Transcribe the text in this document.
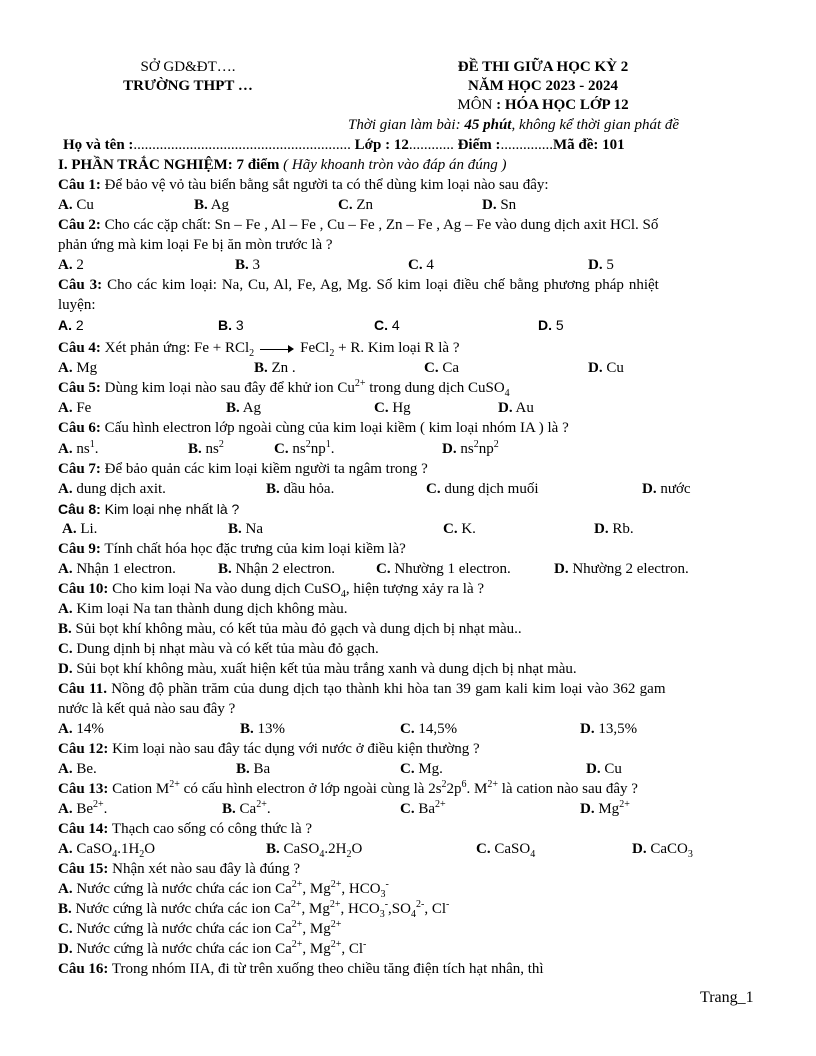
SỞ GD&ĐT….
TRƯỜNG THPT …
ĐỀ THI GIỮA HỌC KỲ 2
NĂM HỌC 2023 - 2024
MÔN : HÓA HỌC LỚP 12
Thời gian làm bài: 45 phút, không kể thời gian phát đề
Họ và tên :.......................................................... Lớp : 12............ Điểm :..............Mã đề: 101
I. PHẦN TRẮC NGHIỆM: 7 điểm ( Hãy khoanh tròn vào đáp án đúng )
Câu 1: Để bảo vệ vỏ tàu biển bằng sắt người ta có thể dùng kim loại nào sau đây:
A. Cu	B. Ag	C. Zn	D. Sn
Câu 2: Cho các cặp chất: Sn – Fe , Al – Fe , Cu – Fe , Zn – Fe , Ag – Fe vào dung dịch axit HCl. Số
phản ứng mà kim loại Fe bị ăn mòn trước là ?
A. 2	B. 3	C. 4	D. 5
Câu 3: Cho các kim loại: Na, Cu, Al, Fe, Ag, Mg. Số kim loại điều chế bằng phương pháp nhiệt
luyện:
A. 2	B. 3	C. 4	D. 5
Câu 4: Xét phản ứng: Fe + RCl$_2$	FeCl$_2$ + R. Kim loại R là ?
A. Mg	B. Zn .	C. Ca	D. Cu
Câu 5: Dùng kim loại nào sau đây để khử ion $Cu^{2+}$ trong dung dịch CuSO$_4$
A. Fe	B. Ag	C. Hg	D. Au
Câu 6: Cấu hình electron lớp ngoài cùng của kim loại kiềm ( kim loại nhóm IA ) là ?
A. $ns^1$.	B. $ns^2$	C. $ns^2np^1$.	D. $ns^2np^2$
Câu 7: Để bảo quản các kim loại kiềm người ta ngâm trong ?
A. dung dịch axit.	B. dầu hỏa.	C. dung dịch muối	D. nước
Câu 8: Kim loại nhẹ nhất là ?
A. Li.	B. Na	C. K.	D. Rb.
Câu 9: Tính chất hóa học đặc trưng của kim loại kiềm là?
A. Nhận 1 electron.	B. Nhận 2 electron.	C. Nhường 1 electron.	D. Nhường 2 electron.
Câu 10: Cho kim loại Na vào dung dịch CuSO$_4$, hiện tượng xảy ra là ?
A. Kim loại Na tan thành dung dịch không màu.
B. Sủi bọt khí không màu, có kết tủa màu đỏ gạch và dung dịch bị nhạt màu..
C. Dung dịnh bị nhạt màu và có kết tủa màu đỏ gạch.
D. Sủi bọt khí không màu, xuất hiện kết tủa màu trắng xanh và dung dịch bị nhạt màu.
Câu 11. Nồng độ phần trăm của dung dịch tạo thành khi hòa tan 39 gam kali kim loại vào 362 gam
nước là kết quả nào sau đây ?
A. 14%	B. 13%	C. 14,5%	D. 13,5%
Câu 12: Kim loại nào sau đây tác dụng với nước ở điều kiện thường ?
A. Be.	B. Ba	C. Mg.	D. Cu
Câu 13: Cation $M^{2+}$ có cấu hình electron ở lớp ngoài cùng là $2s^22p^6$. $M^{2+}$ là cation nào sau đây ?
A. $Be^{2+}$.	B. $Ca^{2+}$.	C. $Ba^{2+}$	D. $Mg^{2+}$
Câu 14: Thạch cao sống có công thức là ?
A. $CaSO_4.1H_2O$	B. $CaSO_4.2H_2O$	C. CaSO$_4$	D. CaCO$_3$
Câu 15: Nhận xét nào sau đây là đúng ?
A. Nước cứng là nước chứa các ion $Ca^{2+}$, $Mg^{2+}$, $HCO_3^-$
B. Nước cứng là nước chứa các ion $Ca^{2+}$, $Mg^{2+}$, $HCO_3^-,SO_4^{2-}$, Cl-
C. Nước cứng là nước chứa các ion $Ca^{2+}$, $Mg^{2+}$
D. Nước cứng là nước chứa các ion $Ca^{2+}$, $Mg^{2+}$, Cl-
Câu 16: Trong nhóm IIA, đi từ trên xuống theo chiều tăng điện tích hạt nhân, thì
Trang_1
